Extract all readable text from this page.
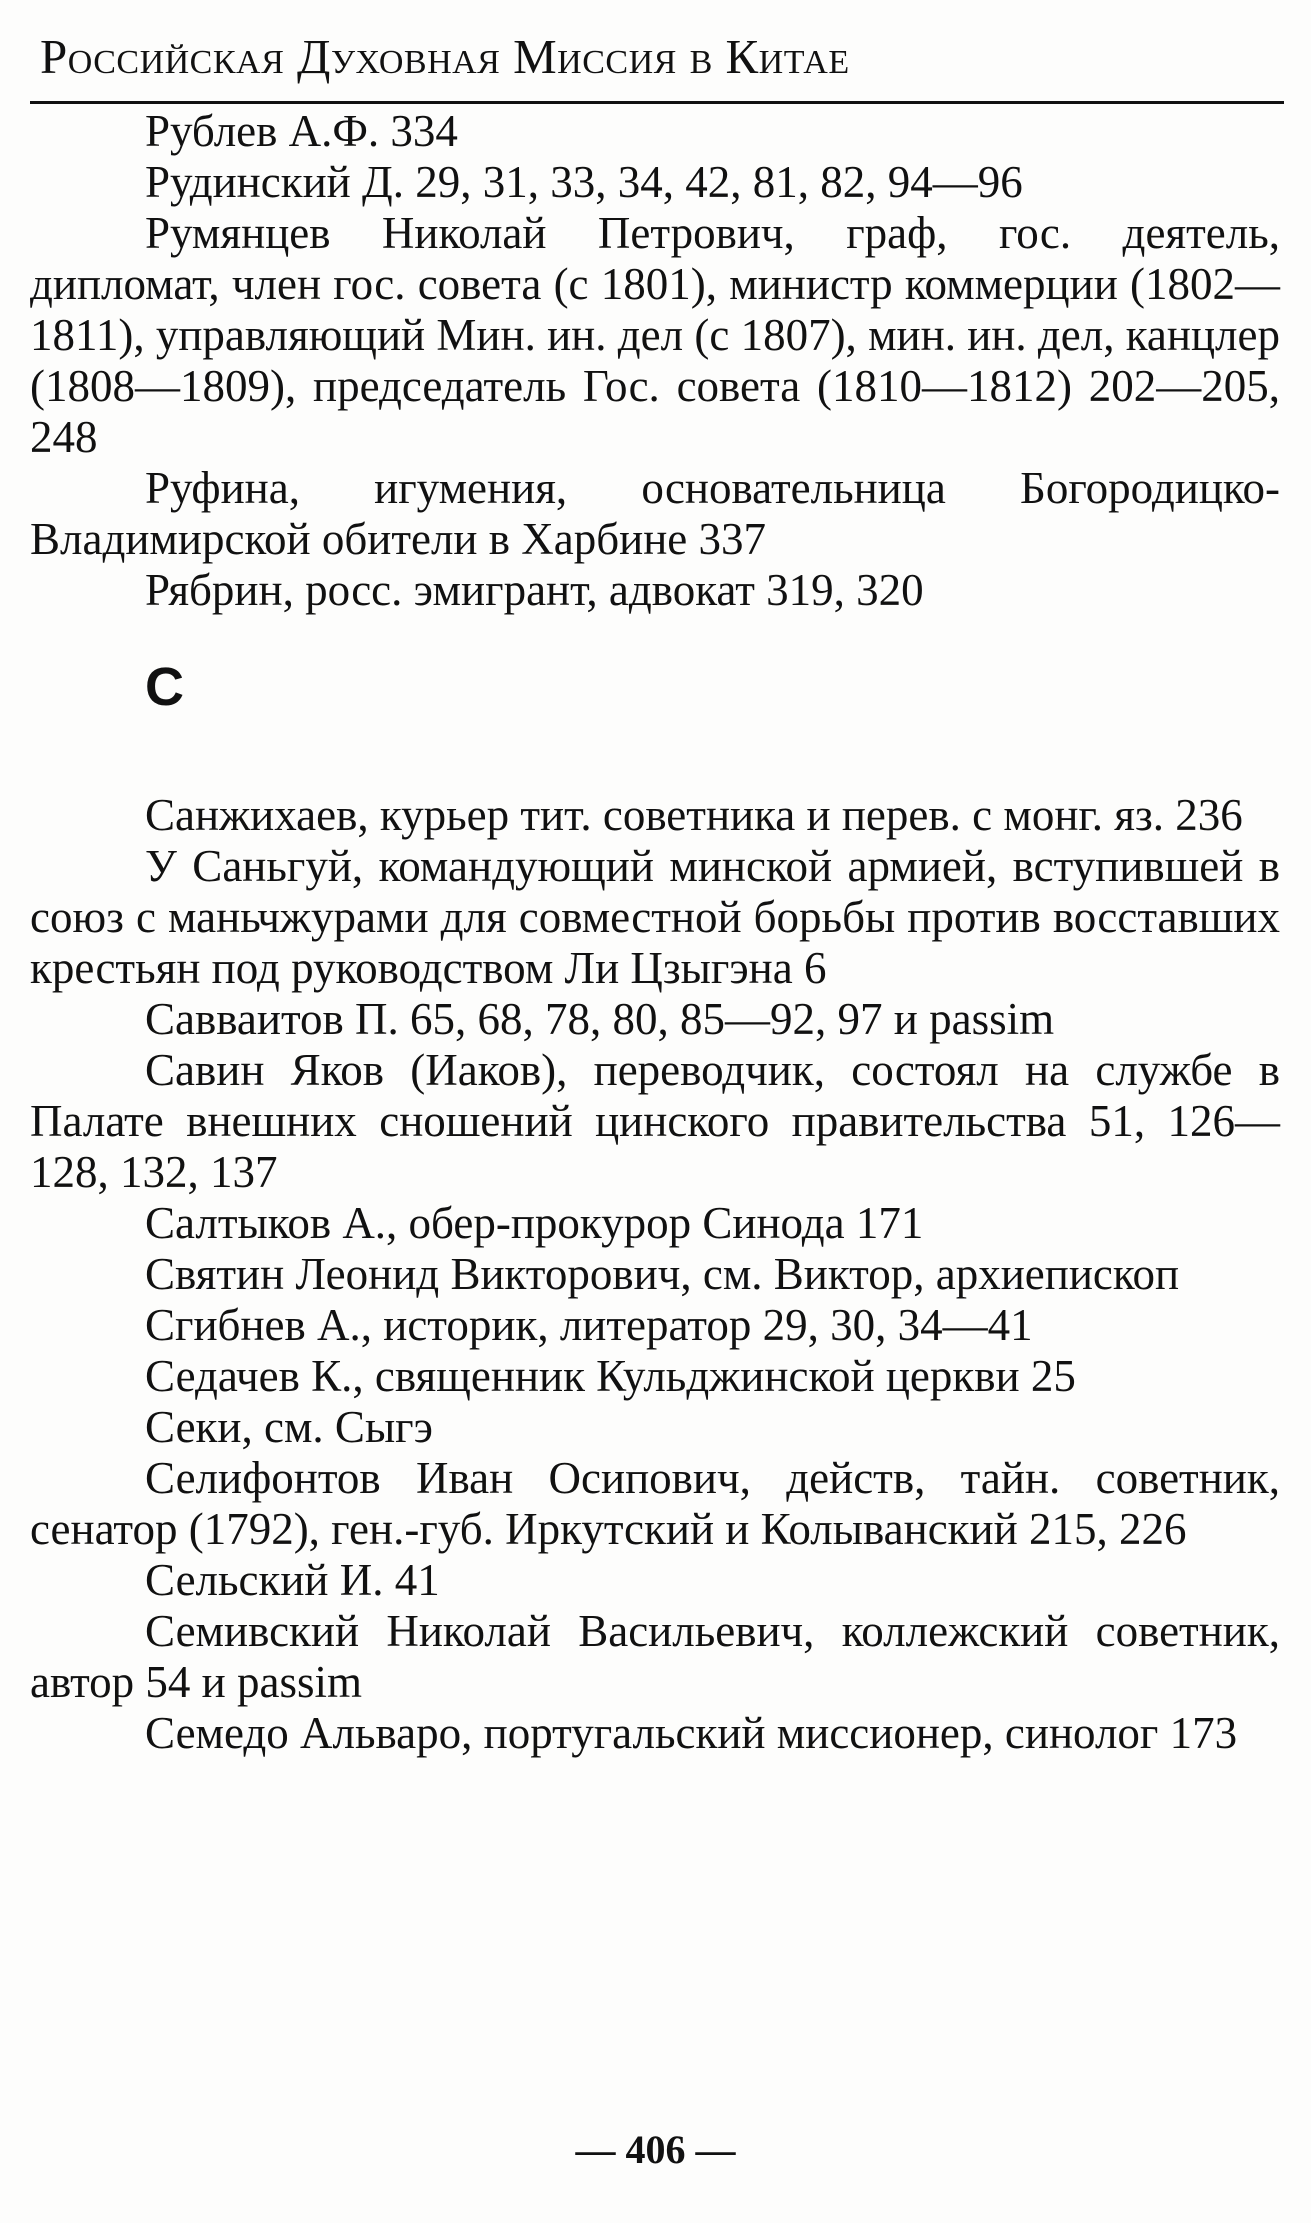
Российская Духовная Миссия в Китае

Рублев А.Ф. 334

Рудинский Д. 29, 31, 33, 34, 42, 81, 82, 94—96

Румянцев Николай Петрович, граф, гос. деятель, дипломат, член гос. совета (с 1801), министр коммерции (1802—1811), управляющий Мин. ин. дел (с 1807), мин. ин. дел, канцлер (1808—1809), председатель Гос. совета (1810—1812) 202—205, 248

Руфина, игумения, основательница Богородицко-Владимирской обители в Харбине 337

Рябрин, росс. эмигрант, адвокат 319, 320

С

Санжихаев, курьер тит. советника и перев. с монг. яз. 236

У Саньгуй, командующий минской армией, вступившей в союз с маньчжурами для совместной борьбы против восставших крестьян под руководством Ли Цзыгэна 6

Савваитов П. 65, 68, 78, 80, 85—92, 97 и passim

Савин Яков (Иаков), переводчик, состоял на службе в Палате внешних сношений цинского правительства 51, 126—128, 132, 137

Салтыков А., обер-прокурор Синода 171

Святин Леонид Викторович, см. Виктор, архиепископ

Сгибнев А., историк, литератор 29, 30, 34—41

Седачев К., священник Кульджинской церкви 25

Секи, см. Сыгэ

Селифонтов Иван Осипович, действ, тайн. советник, сенатор (1792), ген.-губ. Иркутский и Колыванский 215, 226

Сельский И. 41

Семивский Николай Васильевич, коллежский советник, автор 54 и passim

Семедо Альваро, португальский миссионер, синолог 173

— 406 —
